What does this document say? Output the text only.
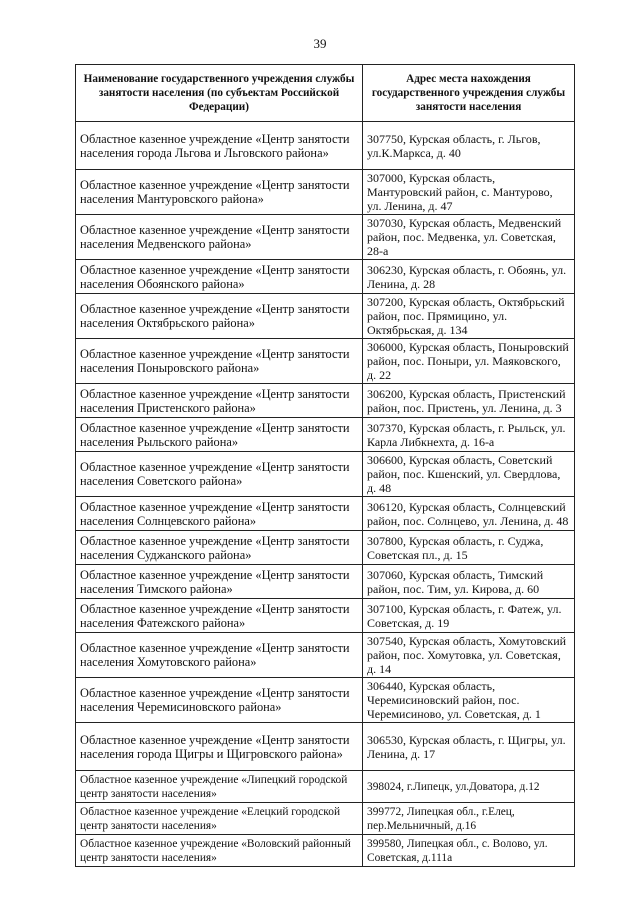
39
Наименование государственного учреждения службы занятости населения (по субъектам Российской Федерации)	Адрес места нахождения государственного учреждения службы занятости населения
Областное казенное учреждение «Центр занятости населения города Льгова и Льговского района»	307750, Курская область, г. Льгов, ул.К.Маркса, д. 40
Областное казенное учреждение «Центр занятости населения Мантуровского района»	307000, Курская область, Мантуровский район, с. Мантурово, ул. Ленина, д. 47
Областное казенное учреждение «Центр занятости населения Медвенского района»	307030, Курская область, Медвенский район, пос. Медвенка, ул. Советская, 28-а
Областное казенное учреждение «Центр занятости населения Обоянского района»	306230, Курская область, г. Обоянь, ул. Ленина, д. 28
Областное казенное учреждение «Центр занятости населения Октябрьского района»	307200, Курская область, Октябрьский район, пос. Прямицино, ул. Октябрьская, д. 134
Областное казенное учреждение «Центр занятости населения Поныровского района»	306000, Курская область, Поныровский район, пос. Поныри, ул. Маяковского, д. 22
Областное казенное учреждение «Центр занятости населения Пристенского района»	306200, Курская область, Пристенский район, пос. Пристень, ул. Ленина, д. 3
Областное казенное учреждение «Центр занятости населения Рыльского района»	307370, Курская область, г. Рыльск, ул. Карла Либкнехта, д. 16-а
Областное казенное учреждение «Центр занятости населения Советского района»	306600, Курская область, Советский район, пос. Кшенский, ул. Свердлова, д. 48
Областное казенное учреждение «Центр занятости населения Солнцевского района»	306120, Курская область, Солнцевский район, пос. Солнцево, ул. Ленина, д. 48
Областное казенное учреждение «Центр занятости населения Суджанского района»	307800, Курская область, г. Суджа, Советская пл., д. 15
Областное казенное учреждение «Центр занятости населения Тимского района»	307060, Курская область, Тимский район, пос. Тим, ул. Кирова, д. 60
Областное казенное учреждение «Центр занятости населения Фатежского района»	307100, Курская область, г. Фатеж, ул. Советская, д. 19
Областное казенное учреждение «Центр занятости населения Хомутовского района»	307540, Курская область, Хомутовский район, пос. Хомутовка, ул. Советская, д. 14
Областное казенное учреждение «Центр занятости населения Черемисиновского района»	306440, Курская область, Черемисиновский район, пос. Черемисиново, ул. Советская, д. 1
Областное казенное учреждение «Центр занятости населения города Щигры и Щигровского района»	306530, Курская область, г. Щигры, ул. Ленина, д. 17
Областное казенное учреждение «Липецкий городской центр занятости населения»	398024, г.Липецк, ул.Доватора, д.12
Областное казенное учреждение «Елецкий городской центр занятости населения»	399772, Липецкая обл., г.Елец, пер.Мельничный, д.16
Областное казенное учреждение «Воловский районный центр занятости населения»	399580, Липецкая обл., с. Волово, ул. Советская, д.111а
